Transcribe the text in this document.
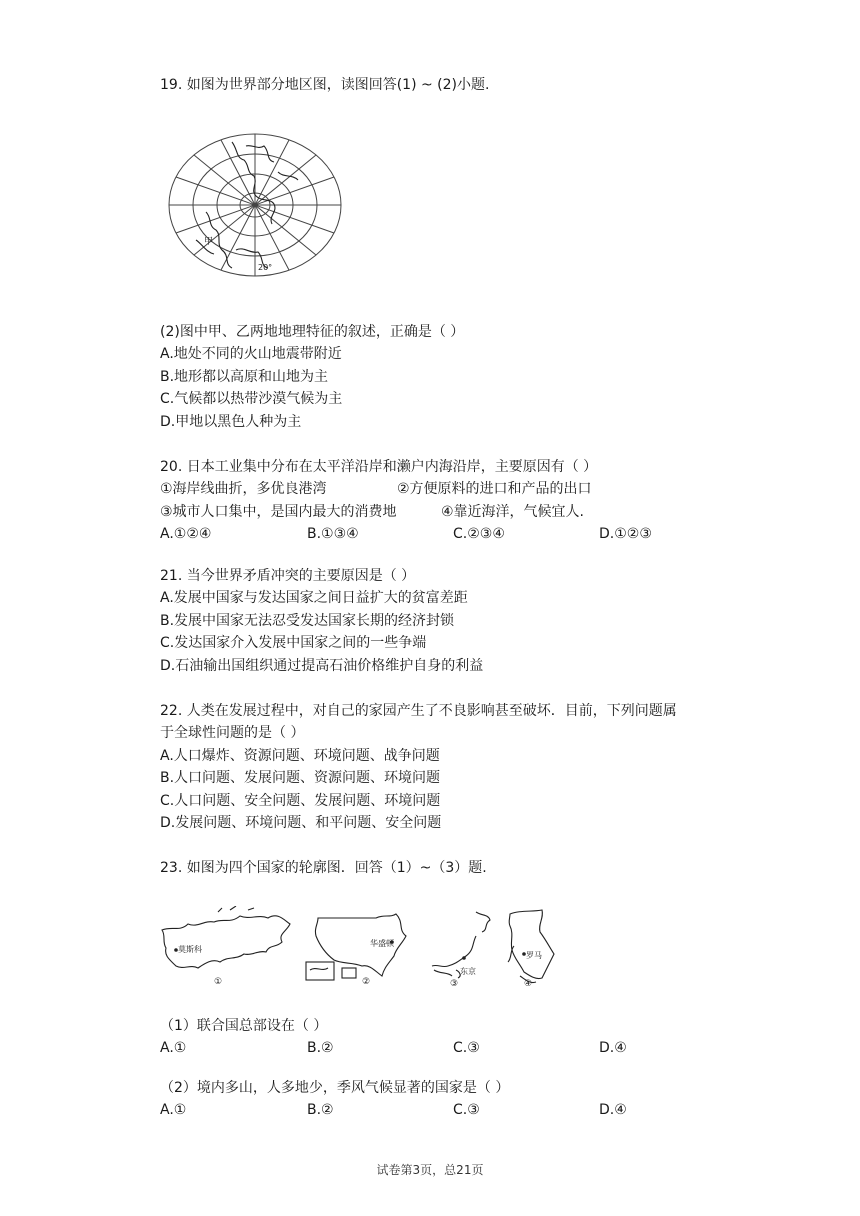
19. 如图为世界部分地区图，读图回答(1) ~ (2)小题.
甲
20°
(2)图中甲、乙两地地理特征的叙述，正确是（ ）
A.地处不同的火山地震带附近
B.地形都以高原和山地为主
C.气候都以热带沙漠气候为主
D.甲地以黑色人种为主
20. 日本工业集中分布在太平洋沿岸和濑户内海沿岸，主要原因有（ ）
①海岸线曲折，多优良港湾	②方便原料的进口和产品的出口
③城市人口集中，是国内最大的消费地	④靠近海洋，气候宜人.
A.①②④	B.①③④	C.②③④	D.①②③
21. 当今世界矛盾冲突的主要原因是（ ）
A.发展中国家与发达国家之间日益扩大的贫富差距
B.发展中国家无法忍受发达国家长期的经济封锁
C.发达国家介入发展中国家之间的一些争端
D.石油输出国组织通过提高石油价格维护自身的利益
22. 人类在发展过程中，对自己的家园产生了不良影响甚至破坏．目前，下列问题属
于全球性问题的是（ ）
A.人口爆炸、资源问题、环境问题、战争问题
B.人口问题、发展问题、资源问题、环境问题
C.人口问题、安全问题、发展问题、环境问题
D.发展问题、环境问题、和平问题、安全问题
23. 如图为四个国家的轮廓图．回答（1）~（3）题.
莫斯科
①
华盛顿
②
东京
③
罗马
④
（1）联合国总部设在（ ）
A.①	B.②	C.③	D.④
（2）境内多山，人多地少，季风气候显著的国家是（ ）
A.①	B.②	C.③	D.④
试卷第3页，总21页
